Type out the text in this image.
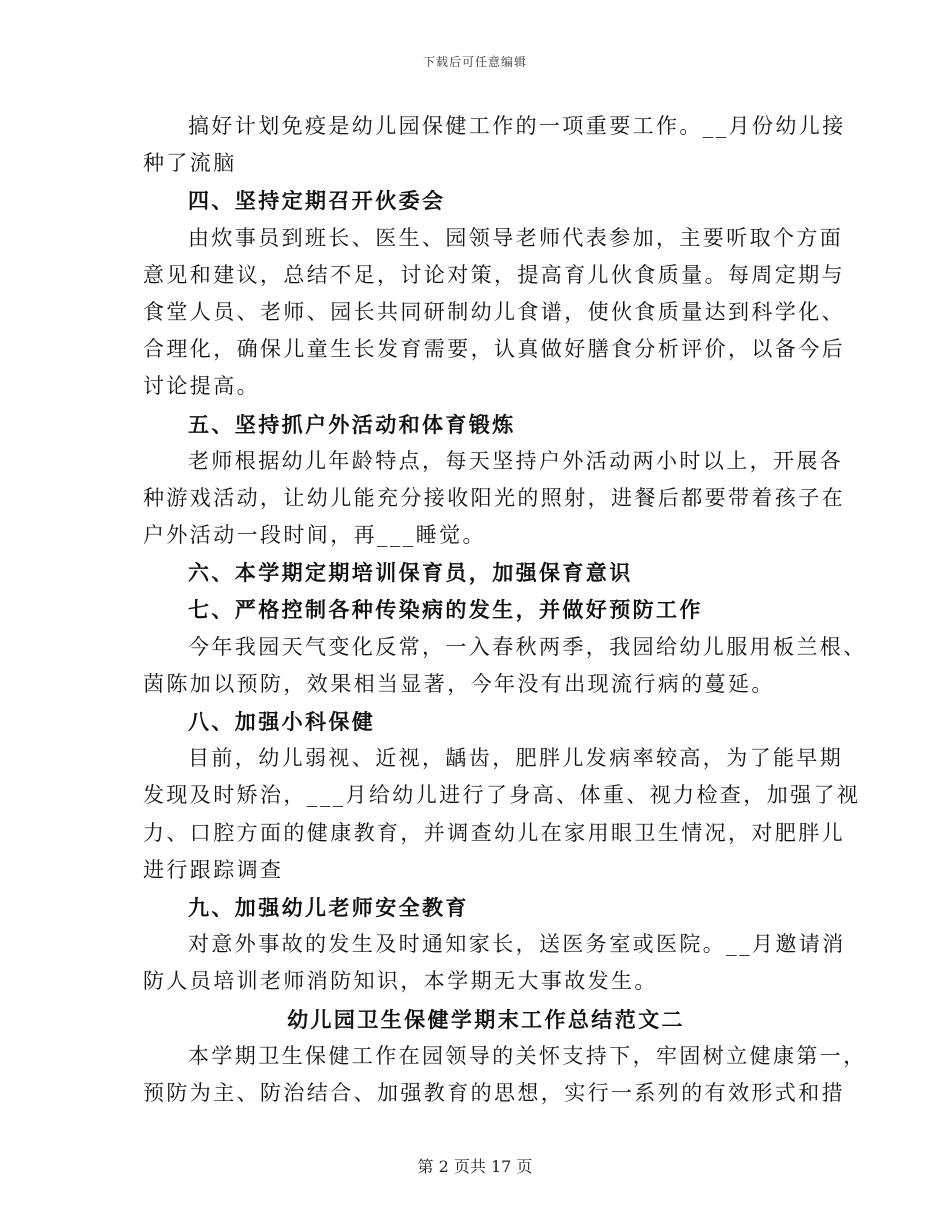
下载后可任意编辑
搞好计划免疫是幼儿园保健工作的一项重要工作。__月份幼儿接
种了流脑
四、坚持定期召开伙委会
由炊事员到班长、医生、园领导老师代表参加，主要听取个方面
意见和建议，总结不足，讨论对策，提高育儿伙食质量。每周定期与
食堂人员、老师、园长共同研制幼儿食谱，使伙食质量达到科学化、
合理化，确保儿童生长发育需要，认真做好膳食分析评价，以备今后
讨论提高。
五、坚持抓户外活动和体育锻炼
老师根据幼儿年龄特点，每天坚持户外活动两小时以上，开展各
种游戏活动，让幼儿能充分接收阳光的照射，进餐后都要带着孩子在
户外活动一段时间，再___睡觉。
六、本学期定期培训保育员，加强保育意识
七、严格控制各种传染病的发生，并做好预防工作
今年我园天气变化反常，一入春秋两季，我园给幼儿服用板兰根、
茵陈加以预防，效果相当显著，今年没有出现流行病的蔓延。
八、加强小科保健
目前，幼儿弱视、近视，龋齿，肥胖儿发病率较高，为了能早期
发现及时矫治，___月给幼儿进行了身高、体重、视力检查，加强了视
力、口腔方面的健康教育，并调查幼儿在家用眼卫生情况，对肥胖儿
进行跟踪调查
九、加强幼儿老师安全教育
对意外事故的发生及时通知家长，送医务室或医院。__月邀请消
防人员培训老师消防知识，本学期无大事故发生。
幼儿园卫生保健学期末工作总结范文二
本学期卫生保健工作在园领导的关怀支持下，牢固树立健康第一，
预防为主、防治结合、加强教育的思想，实行一系列的有效形式和措
第 2 页共 17 页
